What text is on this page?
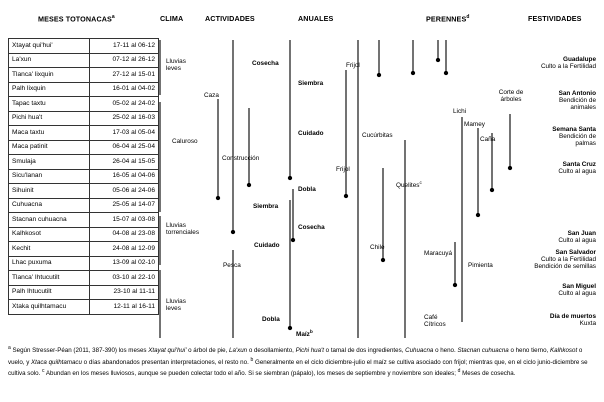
MESES TOTONACAS$^a$	CLIMA	ACTIVIDADES	ANUALES	PERENNES$^d$	FESTIVIDADES
Xtayat qui'hui'	17-11 al 06-12
La'xun	07-12 al 26-12
Tlanca' lixquin	27-12 al 15-01
Palh lixquin	16-01 al 04-02
Tapac taxtu	05-02 al 24-02
Pichi hua't	25-02 al 16-03
Maca taxtu	17-03 al 05-04
Maca patinit	06-04 al 25-04
Smulaja	26-04 al 15-05
Sicu'lanan	16-05 al 04-06
Sihuinit	05-06 al 24-06
Cuhuacna	25-05 al 14-07
Stacnan cuhuacna	15-07 al 03-08
Kalhkosot	04-08 al 23-08
Kechit	24-08 al 12-09
Lhac puxuma	13-09 al 02-10
Tlanca' Ihtucutilt	03-10 al 22-10
Palh Ihtucutilt	23-10 al 11-11
Xtaka quilhtamacu	12-11 al 16-11
Lluvias
leves
Caluroso
Lluvias
torrenciales
Lluvias
leves
Caza
Construcción
Pesca
Cosecha
Siembra
Cuidado
Dobla
Siembra
Cosecha
Cuidado
Dobla
Maíz$^b$
Frijol
Cucúrbitas
Frijol
Chile
Quelites$^c$
Lichi
Mamey
Caña
Corte de
árboles
Maracuyá
Pimienta
Café
Cítricos
Guadalupe
Culto a la Fertilidad
San Antonio
Bendición de
animales
Semana Santa
Bendición de
palmas
Santa Cruz
Culto al agua
San Juan
Culto al agua
San Salvador
Culto a la Fertilidad
Bendición de semillas
San Miguel
Culto al agua
Día de muertos
Kuxta
$^a$ Según Stresser-Péan (2011, 387-390) los meses Xtayat qui'hui' o árbol de pie, La'xun o desollamiento, Pichi hua't o tamal de dos ingredientes, Cuhuacna o heno. Stacnan cuhuacna o heno tierno, Kalhkosot o vuelo, y Xtaca quilhtamacu o días abandonados presentan interpretaciones, el resto no. $^b$ Generalmente en el ciclo diciembre-julio el maíz se cultiva asociado con frijol; mientras que, en el ciclo junio-diciembre se cultiva solo. $^c$ Abundan en los meses lluviosos, aunque se pueden colectar todo el año. Si se siembran (pápalo), los meses de septiembre y noviembre son ideales; $^d$ Meses de cosecha.
